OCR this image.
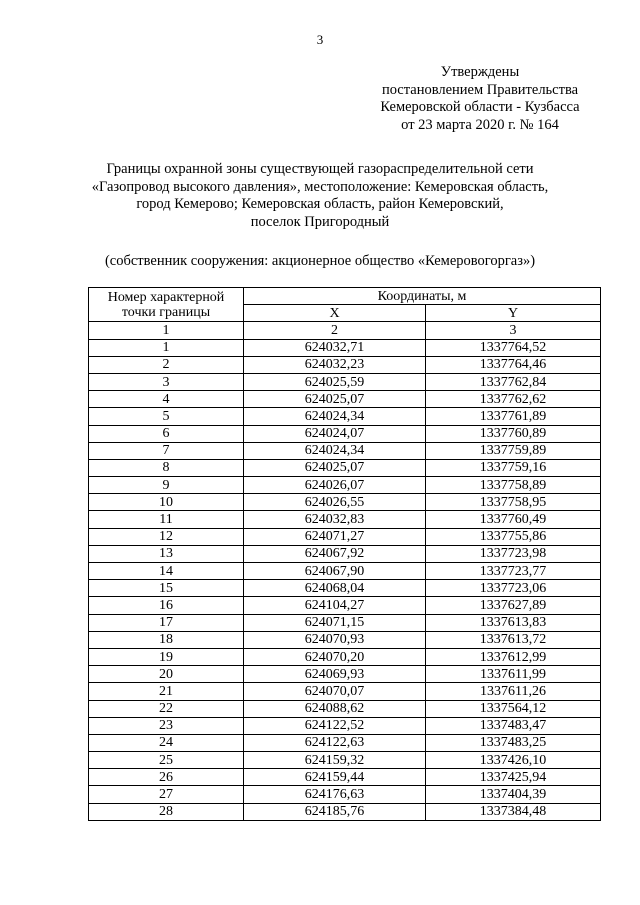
3
Утверждены
постановлением Правительства
Кемеровской области - Кузбасса
от 23 марта 2020 г. № 164
Границы охранной зоны существующей газораспределительной сети
«Газопровод высокого давления», местоположение: Кемеровская область,
город Кемерово; Кемеровская область, район Кемеровский,
поселок Пригородный
(собственник сооружения: акционерное общество «Кемеровогоргаз»)
Номер характерной
точки границы	Координаты, м	
	X	Y
1	2	3
1	624032,71	1337764,52
2	624032,23	1337764,46
3	624025,59	1337762,84
4	624025,07	1337762,62
5	624024,34	1337761,89
6	624024,07	1337760,89
7	624024,34	1337759,89
8	624025,07	1337759,16
9	624026,07	1337758,89
10	624026,55	1337758,95
11	624032,83	1337760,49
12	624071,27	1337755,86
13	624067,92	1337723,98
14	624067,90	1337723,77
15	624068,04	1337723,06
16	624104,27	1337627,89
17	624071,15	1337613,83
18	624070,93	1337613,72
19	624070,20	1337612,99
20	624069,93	1337611,99
21	624070,07	1337611,26
22	624088,62	1337564,12
23	624122,52	1337483,47
24	624122,63	1337483,25
25	624159,32	1337426,10
26	624159,44	1337425,94
27	624176,63	1337404,39
28	624185,76	1337384,48
